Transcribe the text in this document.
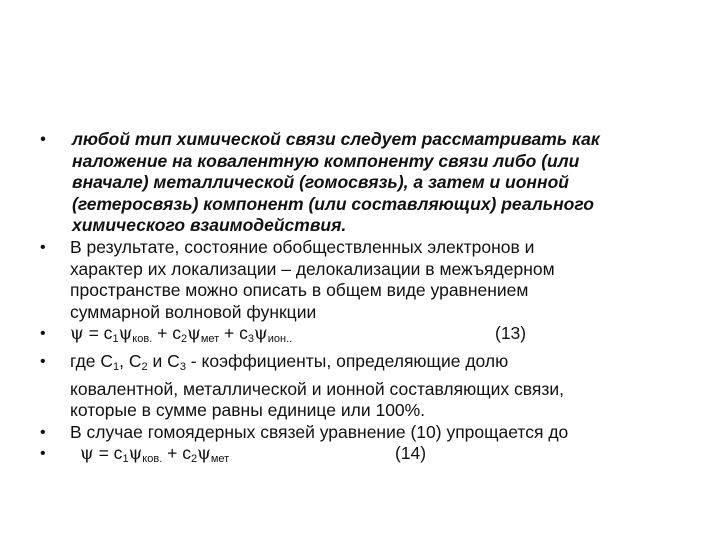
•	любой тип химической связи следует рассматривать как
наложение на ковалентную компоненту связи либо (или
вначале) металлической (гомосвязь), а затем и ионной
(гетеросвязь) компонент (или составляющих) реального
химического взаимодействия.
•	В результате, состояние обобществленных электронов и
характер их локализации – делокализации в межъядерном
пространстве можно описать в общем виде уравнением
суммарной волновой функции
•	$\psi = с_1\psi_{ков.} + с_2\psi_{мет} + с_3\psi_{ион..}$	(13)
•	где $С_1$, $С_2$ и $С_3$ - коэффициенты, определяющие долю
ковалентной, металлической и ионной составляющих связи,
которые в сумме равны единице или 100%.
•	В случае гомоядерных связей уравнение (10) упрощается до
•	$\psi = с_1\psi_{ков.} + с_2\psi_{мет}$	(14)
